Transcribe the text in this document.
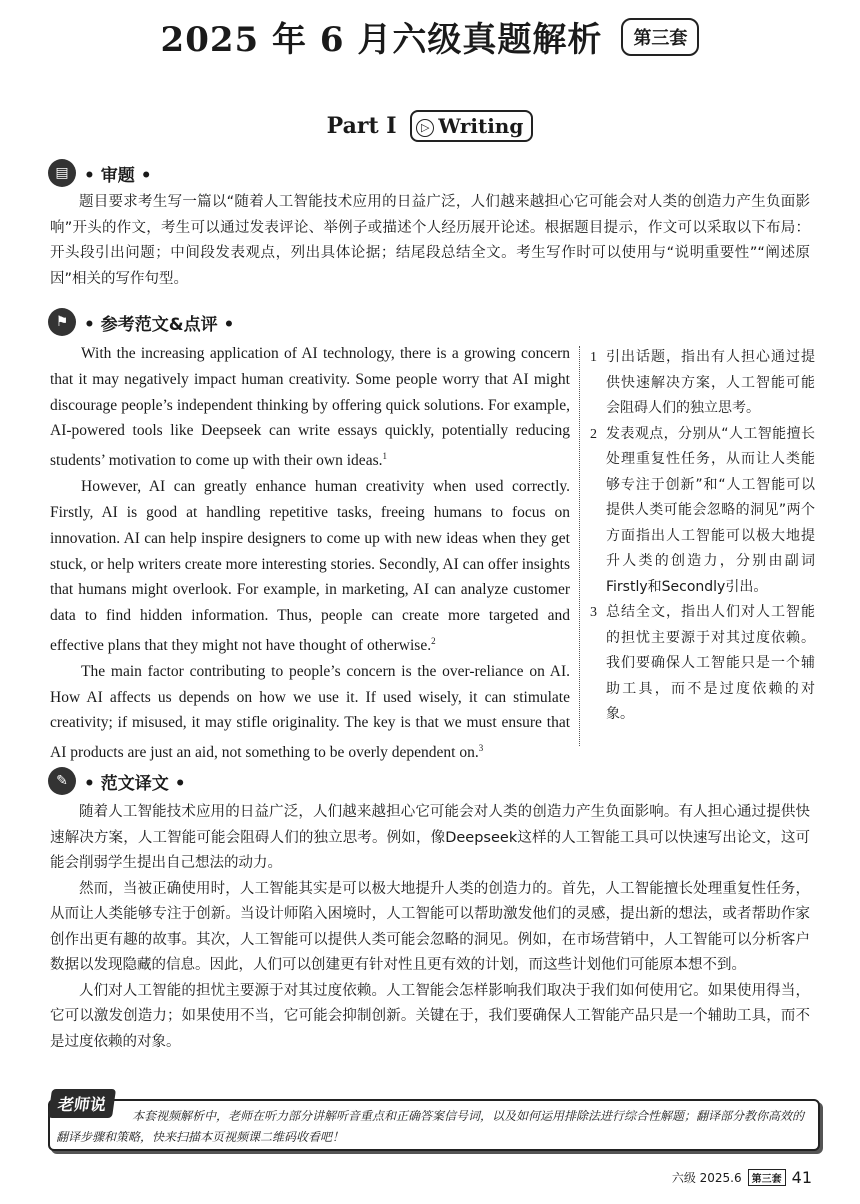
2025 年 6 月六级真题解析 第三套
Part I ▷ Writing
▤ • 审题 •

题目要求考生写一篇以“随着人工智能技术应用的日益广泛，人们越来越担心它可能会对人类的创造力产生负面影响”开头的作文，考生可以通过发表评论、举例子或描述个人经历展开论述。根据题目提示，作文可以采取以下布局：开头段引出问题；中间段发表观点，列出具体论据；结尾段总结全文。考生写作时可以使用与“说明重要性”“阐述原因”相关的写作句型。

⚑ • 参考范文&点评 •

With the increasing application of AI technology, there is a growing concern that it may negatively impact human creativity. Some people worry that AI might discourage people’s independent thinking by offering quick solutions. For example, AI-powered tools like Deepseek can write essays quickly, potentially reducing students’ motivation to come up with their own ideas.$^1$

However, AI can greatly enhance human creativity when used correctly. Firstly, AI is good at handling repetitive tasks, freeing humans to focus on innovation. AI can help inspire designers to come up with new ideas when they get stuck, or help writers create more interesting stories. Secondly, AI can offer insights that humans might overlook. For example, in marketing, AI can analyze customer data to find hidden information. Thus, people can create more targeted and effective plans that they might not have thought of otherwise.$^2$

The main factor contributing to people’s concern is the over-reliance on AI. How AI affects us depends on how we use it. If used wisely, it can stimulate creativity; if misused, it may stifle originality. The key is that we must ensure that AI products are just an aid, not something to be overly dependent on.$^3$

1 引出话题，指出有人担心通过提供快速解决方案，人工智能可能会阻碍人们的独立思考。
2 发表观点，分别从“人工智能擅长处理重复性任务，从而让人类能够专注于创新”和“人工智能可以提供人类可能会忽略的洞见”两个方面指出人工智能可以极大地提升人类的创造力，分别由副词Firstly和Secondly引出。
3 总结全文，指出人们对人工智能的担忧主要源于对其过度依赖。我们要确保人工智能只是一个辅助工具，而不是过度依赖的对象。
✎ • 范文译文 •

随着人工智能技术应用的日益广泛，人们越来越担心它可能会对人类的创造力产生负面影响。有人担心通过提供快速解决方案，人工智能可能会阻碍人们的独立思考。例如，像Deepseek这样的人工智能工具可以快速写出论文，这可能会削弱学生提出自己想法的动力。

然而，当被正确使用时，人工智能其实是可以极大地提升人类的创造力的。首先，人工智能擅长处理重复性任务，从而让人类能够专注于创新。当设计师陷入困境时，人工智能可以帮助激发他们的灵感，提出新的想法，或者帮助作家创作出更有趣的故事。其次，人工智能可以提供人类可能会忽略的洞见。例如，在市场营销中，人工智能可以分析客户数据以发现隐藏的信息。因此，人们可以创建更有针对性且更有效的计划，而这些计划他们可能原本想不到。

人们对人工智能的担忧主要源于对其过度依赖。人工智能会怎样影响我们取决于我们如何使用它。如果使用得当，它可以激发创造力；如果使用不当，它可能会抑制创新。关键在于，我们要确保人工智能产品只是一个辅助工具，而不是过度依赖的对象。

老师说
本套视频解析中，老师在听力部分讲解听音重点和正确答案信号词，以及如何运用排除法进行综合性解题；翻译部分教你高效的翻译步骤和策略，快来扫描本页视频课二维码收看吧！
六级 2025.6	第三套 41
